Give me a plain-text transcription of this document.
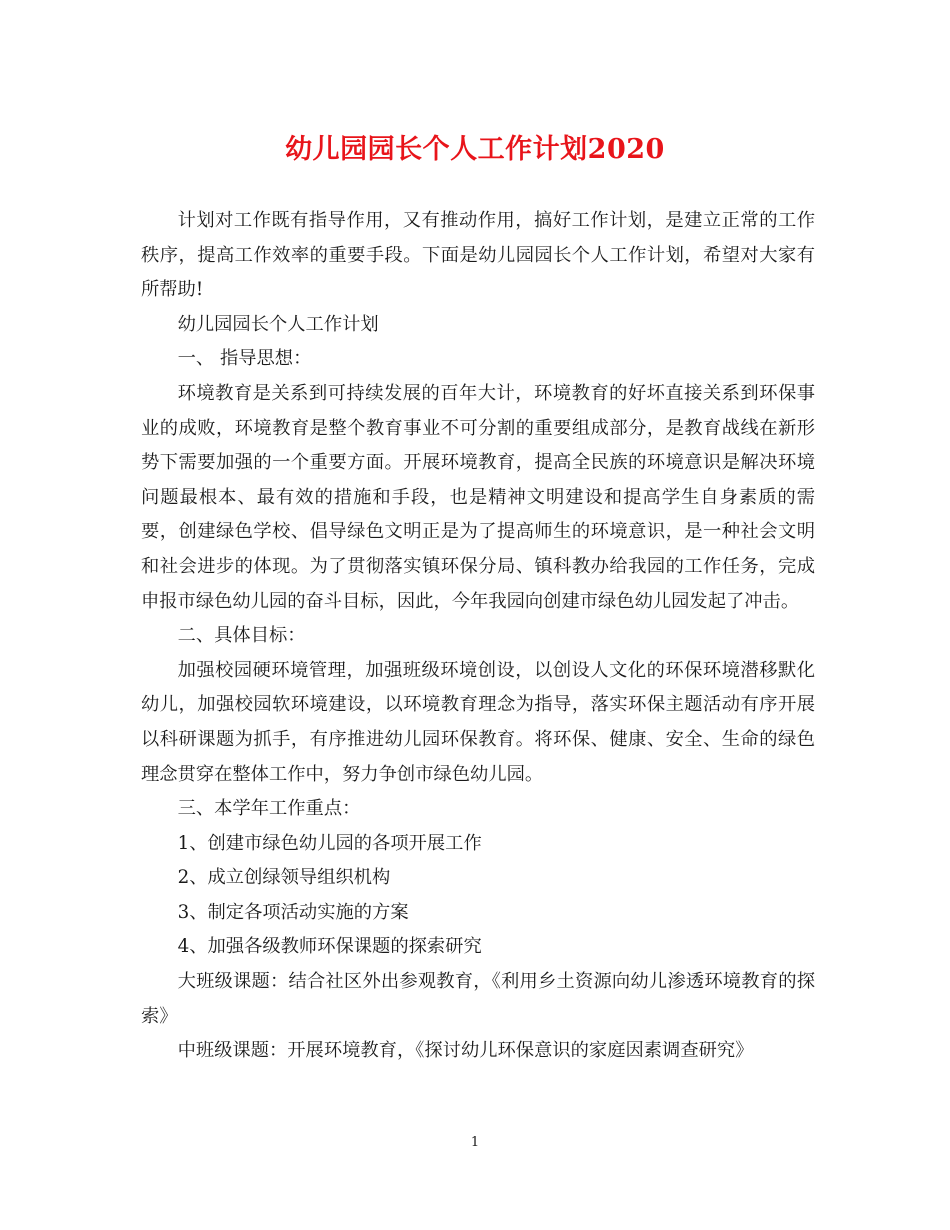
幼儿园园长个人工作计划2020

计划对工作既有指导作用，又有推动作用，搞好工作计划，是建立正常的工作秩序，提高工作效率的重要手段。下面是幼儿园园长个人工作计划，希望对大家有所帮助!

幼儿园园长个人工作计划

一、 指导思想：

环境教育是关系到可持续发展的百年大计，环境教育的好坏直接关系到环保事业的成败，环境教育是整个教育事业不可分割的重要组成部分，是教育战线在新形势下需要加强的一个重要方面。开展环境教育，提高全民族的环境意识是解决环境问题最根本、最有效的措施和手段，也是精神文明建设和提高学生自身素质的需要，创建绿色学校、倡导绿色文明正是为了提高师生的环境意识，是一种社会文明和社会进步的体现。为了贯彻落实镇环保分局、镇科教办给我园的工作任务，完成申报市绿色幼儿园的奋斗目标，因此，今年我园向创建市绿色幼儿园发起了冲击。

二、具体目标：

加强校园硬环境管理，加强班级环境创设，以创设人文化的环保环境潜移默化幼儿，加强校园软环境建设，以环境教育理念为指导，落实环保主题活动有序开展以科研课题为抓手，有序推进幼儿园环保教育。将环保、健康、安全、生命的绿色理念贯穿在整体工作中，努力争创市绿色幼儿园。

三、本学年工作重点：

1、创建市绿色幼儿园的各项开展工作

2、成立创绿领导组织机构

3、制定各项活动实施的方案

4、加强各级教师环保课题的探索研究

大班级课题：结合社区外出参观教育，《利用乡土资源向幼儿渗透环境教育的探索》

中班级课题：开展环境教育，《探讨幼儿环保意识的家庭因素调查研究》

1
